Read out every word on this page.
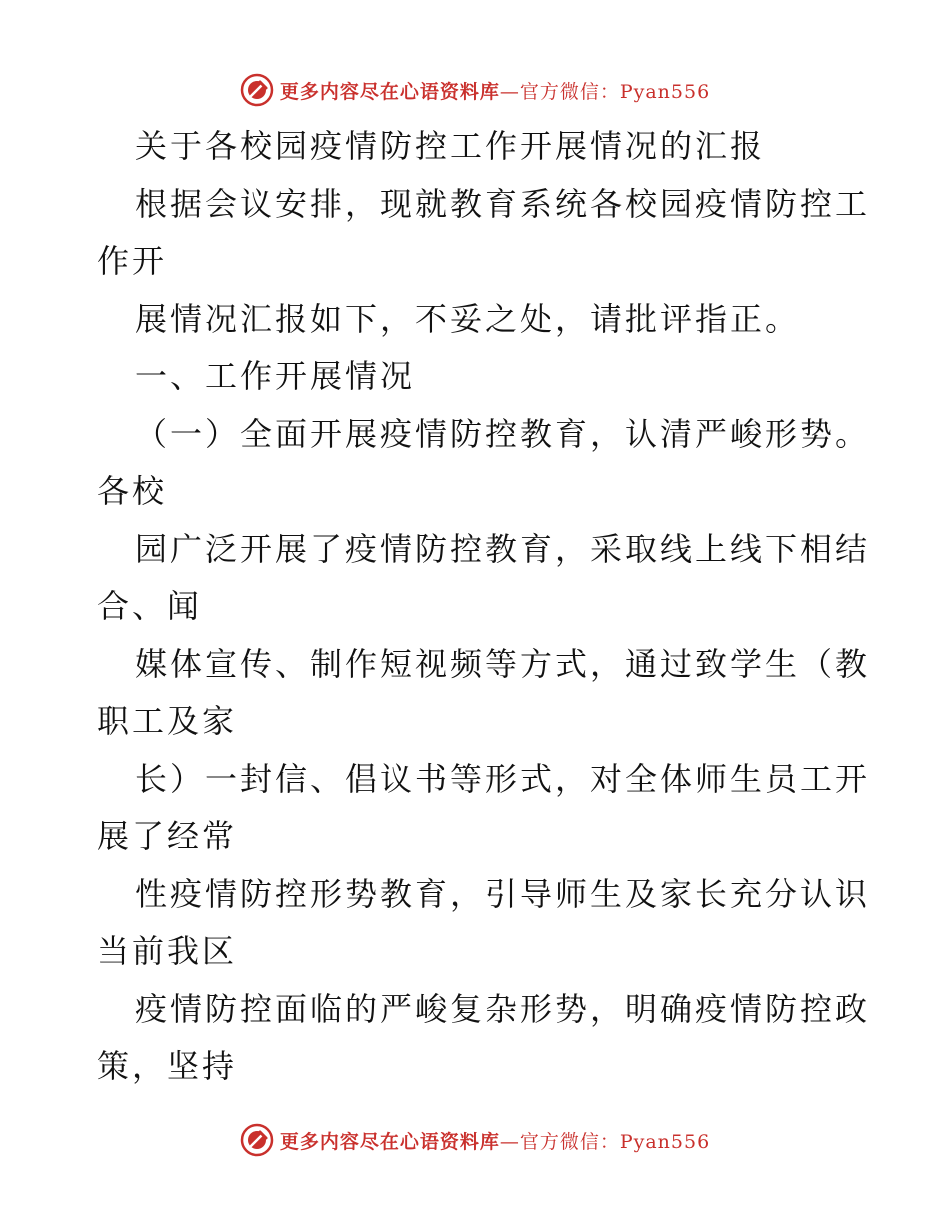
更多内容尽在心语资料库—官方微信：Pyan556
关于各校园疫情防控工作开展情况的汇报
根据会议安排，现就教育系统各校园疫情防控工
作开
展情况汇报如下，不妥之处，请批评指正。
一、工作开展情况
（一）全面开展疫情防控教育，认清严峻形势。
各校
园广泛开展了疫情防控教育，采取线上线下相结
合、闻
媒体宣传、制作短视频等方式，通过致学生（教
职工及家
长）一封信、倡议书等形式，对全体师生员工开
展了经常
性疫情防控形势教育，引导师生及家长充分认识
当前我区
疫情防控面临的严峻复杂形势，明确疫情防控政
策，坚持
更多内容尽在心语资料库—官方微信：Pyan556
